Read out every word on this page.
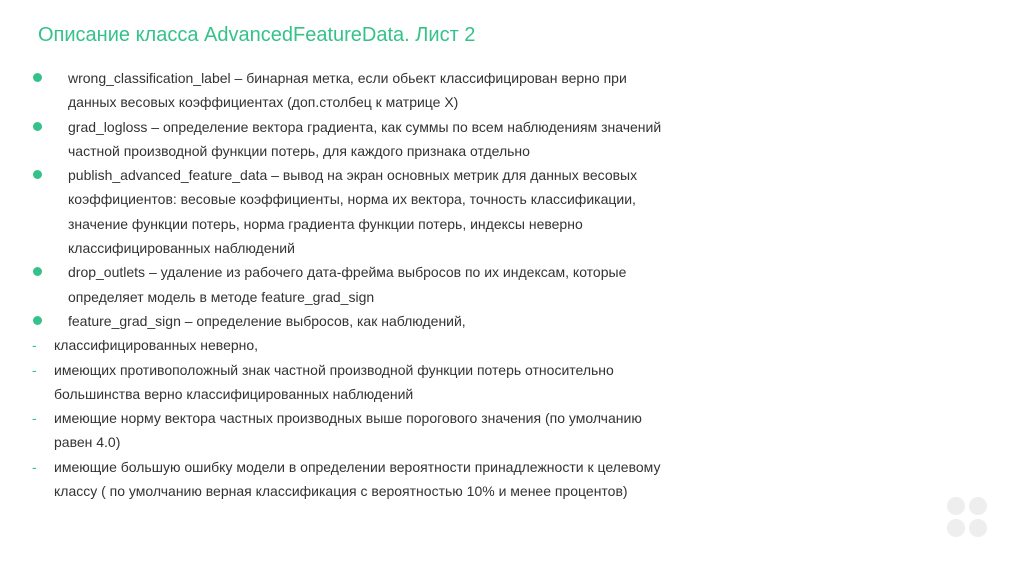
Описание класса AdvancedFeatureData. Лист 2
wrong_classification_label – бинарная метка, если обьект классифицирован верно при
данных весовых коэффициентах (доп.столбец к матрице X)
grad_logloss – определение вектора градиента, как суммы по всем наблюдениям значений
частной производной функции потерь, для каждого признака отдельно
publish_advanced_feature_data – вывод на экран основных метрик для данных весовых
коэффициентов: весовые коэффициенты, норма их вектора, точность классификации,
значение функции потерь, норма градиента функции потерь, индексы неверно
классифицированных наблюдений
drop_outlets – удаление из рабочего дата-фрейма выбросов по их индексам, которые
определяет модель в методе feature_grad_sign
feature_grad_sign – определение выбросов, как наблюдений,
- классифицированных неверно,
- имеющих противоположный знак частной производной функции потерь относительно
большинства верно классифицированных наблюдений
- имеющие норму вектора частных производных выше порогового значения (по умолчанию
равен 4.0)
- имеющие большую ошибку модели в определении вероятности принадлежности к целевому
классу ( по умолчанию верная классификация с вероятностью 10% и менее процентов)
